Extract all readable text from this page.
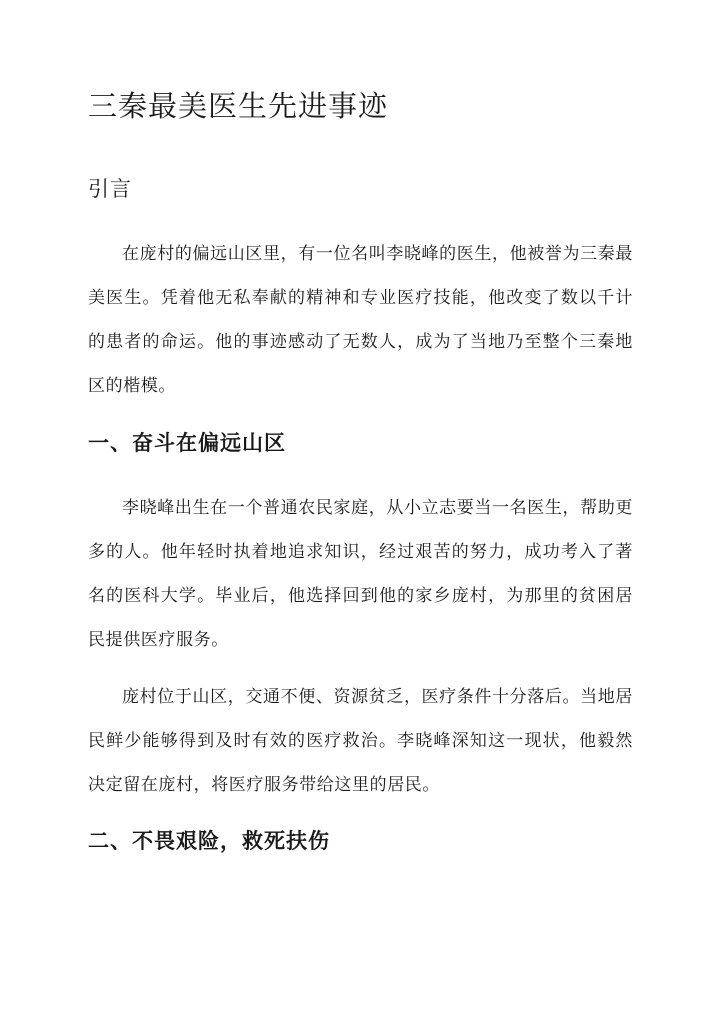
三秦最美医生先进事迹
引言

在庞村的偏远山区里，有一位名叫李晓峰的医生，他被誉为三秦最美医生。凭着他无私奉献的精神和专业医疗技能，他改变了数以千计的患者的命运。他的事迹感动了无数人，成为了当地乃至整个三秦地区的楷模。

一、奋斗在偏远山区

李晓峰出生在一个普通农民家庭，从小立志要当一名医生，帮助更多的人。他年轻时执着地追求知识，经过艰苦的努力，成功考入了著名的医科大学。毕业后，他选择回到他的家乡庞村，为那里的贫困居民提供医疗服务。

庞村位于山区，交通不便、资源贫乏，医疗条件十分落后。当地居民鲜少能够得到及时有效的医疗救治。李晓峰深知这一现状，他毅然决定留在庞村，将医疗服务带给这里的居民。

二、不畏艰险，救死扶伤
